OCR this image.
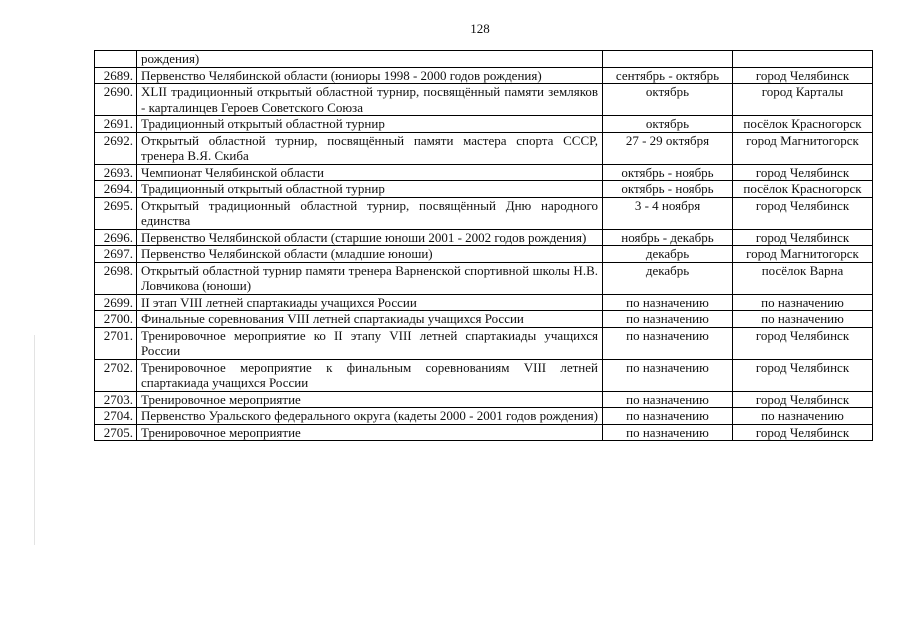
128
	рождения)		
2689.	Первенство Челябинской области (юниоры 1998 - 2000 годов рождения)	сентябрь - октябрь	город Челябинск
2690.	XLII традиционный открытый областной турнир, посвящённый памяти земляков - карталинцев Героев Советского Союза	октябрь	город Карталы
2691.	Традиционный открытый областной турнир	октябрь	посёлок Красногорск
2692.	Открытый областной турнир, посвящённый памяти мастера спорта СССР, тренера В.Я. Скиба	27 - 29 октября	город Магнитогорск
2693.	Чемпионат Челябинской области	октябрь - ноябрь	город Челябинск
2694.	Традиционный открытый областной турнир	октябрь - ноябрь	посёлок Красногорск
2695.	Открытый традиционный областной турнир, посвящённый Дню народного единства	3 - 4 ноября	город Челябинск
2696.	Первенство Челябинской области (старшие юноши 2001 - 2002 годов рождения)	ноябрь - декабрь	город Челябинск
2697.	Первенство Челябинской области (младшие юноши)	декабрь	город Магнитогорск
2698.	Открытый областной турнир памяти тренера Варненской спортивной школы Н.В. Ловчикова (юноши)	декабрь	посёлок Варна
2699.	II этап VIII летней спартакиады учащихся России	по назначению	по назначению
2700.	Финальные соревнования VIII летней спартакиады учащихся России	по назначению	по назначению
2701.	Тренировочное мероприятие ко II этапу VIII летней спартакиады учащихся России	по назначению	город Челябинск
2702.	Тренировочное мероприятие к финальным соревнованиям VIII летней спартакиада учащихся России	по назначению	город Челябинск
2703.	Тренировочное мероприятие	по назначению	город Челябинск
2704.	Первенство Уральского федерального округа (кадеты 2000 - 2001 годов рождения)	по назначению	по назначению
2705.	Тренировочное мероприятие	по назначению	город Челябинск
